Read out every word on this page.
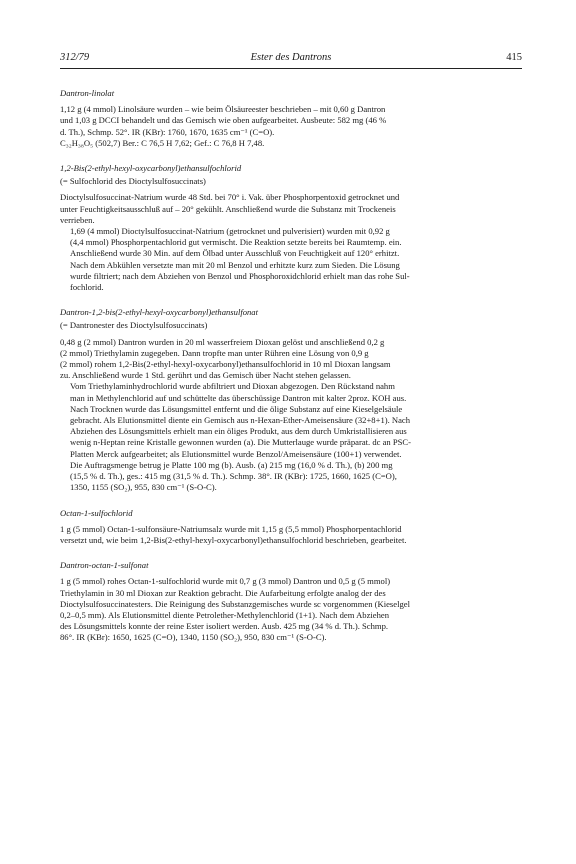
312/79	Ester des Dantrons	415
Dantron-linolat

1,12 g (4 mmol) Linolsäure wurden – wie beim Ölsäureester beschrieben – mit 0,60 g Dantron
und 1,03 g DCCI behandelt und das Gemisch wie oben aufgearbeitet. Ausbeute: 582 mg (46 %
d. Th.), Schmp. 52°. IR (KBr): 1760, 1670, 1635 cm⁻¹ (C=O).
C₃₂H₃₈O₅ (502,7) Ber.: C 76,5 H 7,62; Gef.: C 76,8 H 7,48.

1,2-Bis(2-ethyl-hexyl-oxycarbonyl)ethansulfochlorid
(= Sulfochlorid des Dioctylsulfosuccinats)

Dioctylsulfosuccinat-Natrium wurde 48 Std. bei 70° i. Vak. über Phosphorpentoxid getrocknet und
unter Feuchtigkeitsausschluß auf – 20° gekühlt. Anschließend wurde die Substanz mit Trockeneis
verrieben.

1,69 (4 mmol) Dioctylsulfosuccinat-Natrium (getrocknet und pulverisiert) wurden mit 0,92 g
(4,4 mmol) Phosphorpentachlorid gut vermischt. Die Reaktion setzte bereits bei Raumtemp. ein.
Anschließend wurde 30 Min. auf dem Ölbad unter Ausschluß von Feuchtigkeit auf 120° erhitzt.
Nach dem Abkühlen versetzte man mit 20 ml Benzol und erhitzte kurz zum Sieden. Die Lösung
wurde filtriert; nach dem Abziehen von Benzol und Phosphoroxidchlorid erhielt man das rohe Sul-
fochlorid.

Dantron-1,2-bis(2-ethyl-hexyl-oxycarbonyl)ethansulfonat
(= Dantronester des Dioctylsulfosuccinats)

0,48 g (2 mmol) Dantron wurden in 20 ml wasserfreiem Dioxan gelöst und anschließend 0,2 g
(2 mmol) Triethylamin zugegeben. Dann tropfte man unter Rühren eine Lösung von 0,9 g
(2 mmol) rohem 1,2-Bis(2-ethyl-hexyl-oxycarbonyl)ethansulfochlorid in 10 ml Dioxan langsam
zu. Anschließend wurde 1 Std. gerührt und das Gemisch über Nacht stehen gelassen.

Vom Triethylaminhydrochlorid wurde abfiltriert und Dioxan abgezogen. Den Rückstand nahm
man in Methylenchlorid auf und schüttelte das überschüssige Dantron mit kalter 2proz. KOH aus.
Nach Trocknen wurde das Lösungsmittel entfernt und die ölige Substanz auf eine Kieselgelsäule
gebracht. Als Elutionsmittel diente ein Gemisch aus n-Hexan-Ether-Ameisensäure (32+8+1). Nach
Abziehen des Lösungsmittels erhielt man ein öliges Produkt, aus dem durch Umkristallisieren aus
wenig n-Heptan reine Kristalle gewonnen wurden (a). Die Mutterlauge wurde präparat. dc an PSC-
Platten Merck aufgearbeitet; als Elutionsmittel wurde Benzol/Ameisensäure (100+1) verwendet.
Die Auftragsmenge betrug je Platte 100 mg (b). Ausb. (a) 215 mg (16,0 % d. Th.), (b) 200 mg
(15,5 % d. Th.), ges.: 415 mg (31,5 % d. Th.). Schmp. 38°. IR (KBr): 1725, 1660, 1625 (C=O),
1350, 1155 (SO₂), 955, 830 cm⁻¹ (S-O-C).

Octan-1-sulfochlorid

1 g (5 mmol) Octan-1-sulfonsäure-Natriumsalz wurde mit 1,15 g (5,5 mmol) Phosphorpentachlorid
versetzt und, wie beim 1,2-Bis(2-ethyl-hexyl-oxycarbonyl)ethansulfochlorid beschrieben, gearbeitet.

Dantron-octan-1-sulfonat

1 g (5 mmol) rohes Octan-1-sulfochlorid wurde mit 0,7 g (3 mmol) Dantron und 0,5 g (5 mmol)
Triethylamin in 30 ml Dioxan zur Reaktion gebracht. Die Aufarbeitung erfolgte analog der des
Dioctylsulfosuccinatesters. Die Reinigung des Substanzgemisches wurde sc vorgenommen (Kieselgel
0,2–0,5 mm). Als Elutionsmittel diente Petrolether-Methylenchlorid (1+1). Nach dem Abziehen
des Lösungsmittels konnte der reine Ester isoliert werden. Ausb. 425 mg (34 % d. Th.). Schmp.
86°. IR (KBr): 1650, 1625 (C=O), 1340, 1150 (SO₂), 950, 830 cm⁻¹ (S-O-C).
